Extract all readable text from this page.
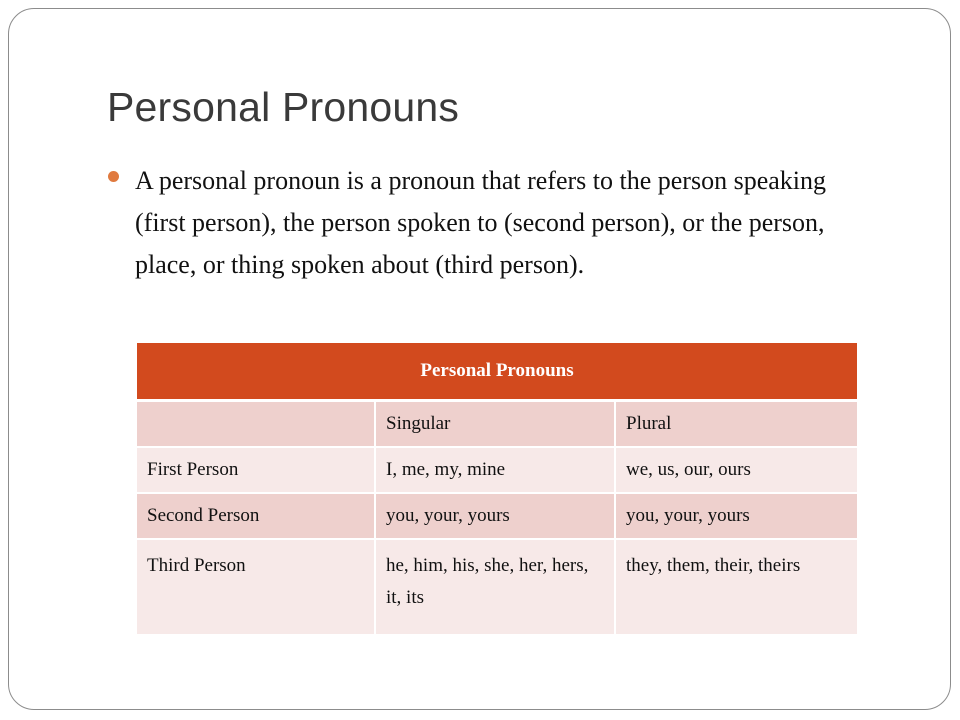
Personal Pronouns
A personal pronoun is a pronoun that refers to the person speaking (first person), the person spoken to (second person), or the person, place, or thing spoken about (third person).
Personal Pronouns		
	Singular	Plural
First Person	I, me, my, mine	we, us, our, ours
Second Person	you, your, yours	you, your, yours
Third Person	he, him, his, she, her, hers, it, its	they, them, their, theirs
